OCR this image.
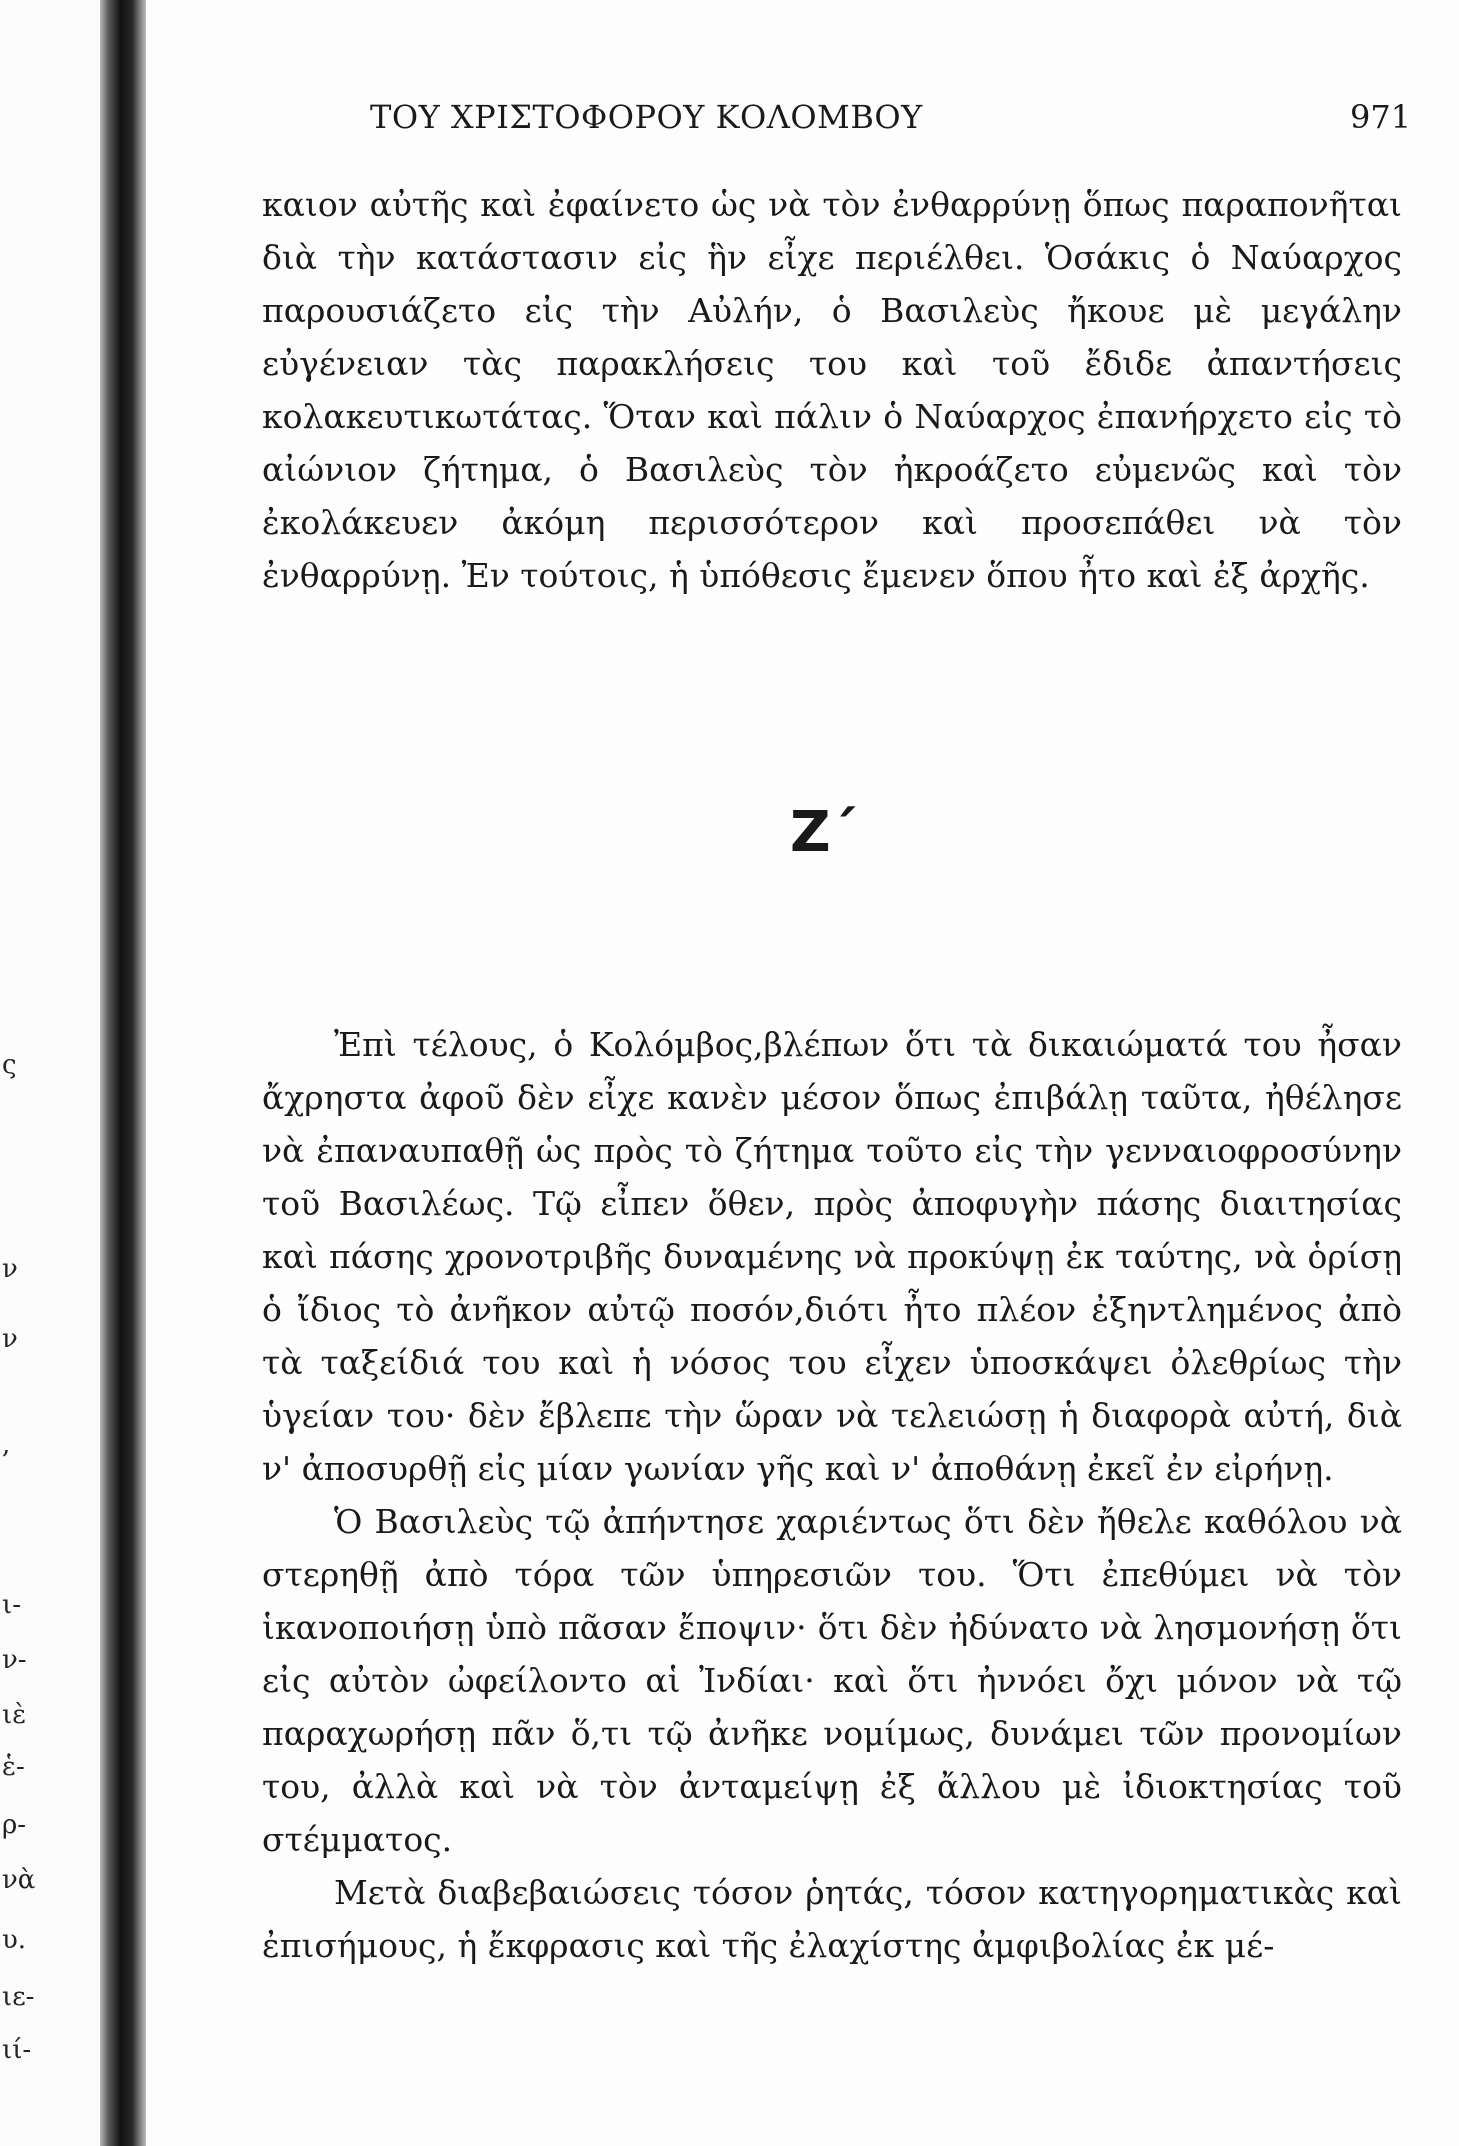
ς
ν
ν
,
ι-
ν-
ιὲ
ἑ-
ρ-
νὰ
υ.
ιε-
ιί-
ΤΟΥ ΧΡΙΣΤΟΦΟΡΟΥ ΚΟΛΟΜΒΟΥ	971

καιον αὐτῆς καὶ ἐφαίνετο ὡς νὰ τὸν ἐνθαρρύνῃ ὅπως παραπονῆται διὰ τὴν κατάστασιν εἰς ἣν εἶχε περιέλθει. Ὁσάκις ὁ Ναύαρχος παρουσιάζετο εἰς τὴν Αὐλήν, ὁ Βασιλεὺς ἤκουε μὲ μεγάλην εὐγένειαν τὰς παρακλήσεις του καὶ τοῦ ἔδιδε ἀπαντήσεις κολακευτικωτάτας. Ὅταν καὶ πάλιν ὁ Ναύαρχος ἐπανήρχετο εἰς τὸ αἰώνιον ζήτημα, ὁ Βασιλεὺς τὸν ἠκροάζετο εὐμενῶς καὶ τὸν ἐκολάκευεν ἀκόμη περισσότερον καὶ προσεπάθει νὰ τὸν ἐνθαρρύνῃ. Ἐν τούτοις, ἡ ὑπόθεσις ἔμενεν ὅπου ἦτο καὶ ἐξ ἀρχῆς.

Ζ΄

Ἐπὶ τέλους, ὁ Κολόμβος,βλέπων ὅτι τὰ δικαιώματά του ἦσαν ἄχρηστα ἀφοῦ δὲν εἶχε κανὲν μέσον ὅπως ἐπιβάλῃ ταῦτα, ἠθέλησε νὰ ἐπαναυπαθῇ ὡς πρὸς τὸ ζήτημα τοῦτο εἰς τὴν γενναιοφροσύνην τοῦ Βασιλέως. Τῷ εἶπεν ὅθεν, πρὸς ἀποφυγὴν πάσης διαιτησίας καὶ πάσης χρονοτριβῆς δυναμένης νὰ προκύψῃ ἐκ ταύτης, νὰ ὁρίσῃ ὁ ἴδιος τὸ ἀνῆκον αὐτῷ ποσόν,διότι ἦτο πλέον ἐξηντλημένος ἀπὸ τὰ ταξείδιά του καὶ ἡ νόσος του εἶχεν ὑποσκάψει ὀλεθρίως τὴν ὑγείαν του· δὲν ἔβλεπε τὴν ὥραν νὰ τελειώσῃ ἡ διαφορὰ αὐτή, διὰ ν' ἀποσυρθῇ εἰς μίαν γωνίαν γῆς καὶ ν' ἀποθάνῃ ἐκεῖ ἐν εἰρήνῃ.

Ὁ Βασιλεὺς τῷ ἀπήντησε χαριέντως ὅτι δὲν ἤθελε καθόλου νὰ στερηθῇ ἀπὸ τόρα τῶν ὑπηρεσιῶν του. Ὅτι ἐπεθύμει νὰ τὸν ἱκανοποιήσῃ ὑπὸ πᾶσαν ἔποψιν· ὅτι δὲν ἠδύνατο νὰ λησμονήσῃ ὅτι εἰς αὐτὸν ὠφείλοντο αἱ Ἰνδίαι· καὶ ὅτι ἠννόει ὄχι μόνον νὰ τῷ παραχωρήσῃ πᾶν ὅ,τι τῷ ἀνῆκε νομίμως, δυνάμει τῶν προνομίων του, ἀλλὰ καὶ νὰ τὸν ἀνταμείψῃ ἐξ ἄλλου μὲ ἰδιοκτησίας τοῦ στέμματος.

Μετὰ διαβεβαιώσεις τόσον ῥητάς, τόσον κατηγορηματικὰς καὶ ἐπισήμους, ἡ ἔκφρασις καὶ τῆς ἐλαχίστης ἀμφιβολίας ἐκ μέ-
